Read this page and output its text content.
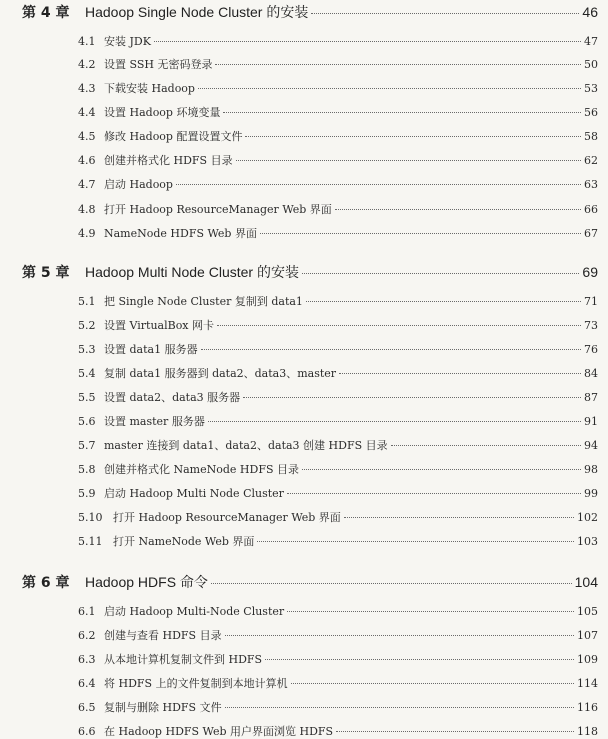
第 4 章	Hadoop Single Node Cluster 的安装	46
4.1 安装 JDK	47
4.2 设置 SSH 无密码登录	50
4.3 下载安装 Hadoop	53
4.4 设置 Hadoop 环境变量	56
4.5 修改 Hadoop 配置设置文件	58
4.6 创建并格式化 HDFS 目录	62
4.7 启动 Hadoop	63
4.8 打开 Hadoop ResourceManager Web 界面	66
4.9 NameNode HDFS Web 界面	67
第 5 章	Hadoop Multi Node Cluster 的安装	69
5.1 把 Single Node Cluster 复制到 data1	71
5.2 设置 VirtualBox 网卡	73
5.3 设置 data1 服务器	76
5.4 复制 data1 服务器到 data2、data3、master	84
5.5 设置 data2、data3 服务器	87
5.6 设置 master 服务器	91
5.7 master 连接到 data1、data2、data3 创建 HDFS 目录	94
5.8 创建并格式化 NameNode HDFS 目录	98
5.9 启动 Hadoop Multi Node Cluster	99
5.10 打开 Hadoop ResourceManager Web 界面	102
5.11 打开 NameNode Web 界面	103
第 6 章	Hadoop HDFS 命令	104
6.1 启动 Hadoop Multi-Node Cluster	105
6.2 创建与查看 HDFS 目录	107
6.3 从本地计算机复制文件到 HDFS	109
6.4 将 HDFS 上的文件复制到本地计算机	114
6.5 复制与删除 HDFS 文件	116
6.6 在 Hadoop HDFS Web 用户界面浏览 HDFS	118
